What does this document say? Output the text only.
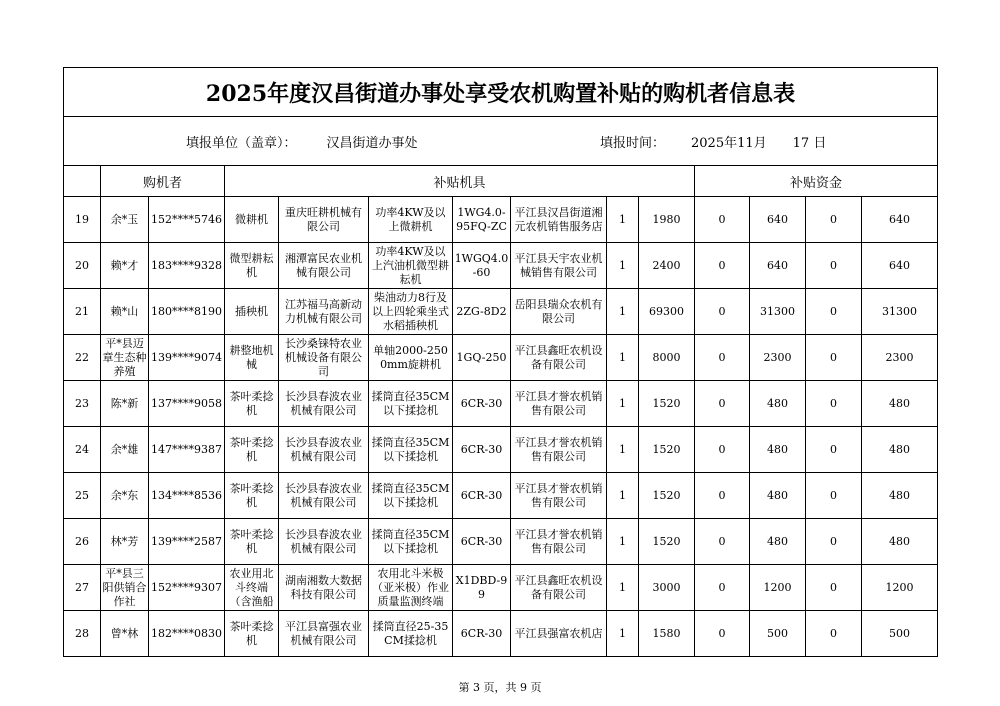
2025年度汉昌街道办事处享受农机购置补贴的购机者信息表													

填报单位（盖章）： 汉昌街道办事处 填报时间： 2025年11月 17 日													

	购机者		补贴机具							补贴资金			
19	余*玉	152****5746	微耕机	重庆旺耕机械有限公司	功率4KW及以上微耕机	1WG4.0-95FQ-ZC	平江县汉昌街道湘元农机销售服务店	1	1980	0	640	0	640
20	赖*才	183****9328	微型耕耘机	湘潭富民农业机械有限公司	功率4KW及以上汽油机微型耕耘机	1WGQ4.0-60	平江县天宇农业机械销售有限公司	1	2400	0	640	0	640
21	赖*山	180****8190	插秧机	江苏福马高新动力机械有限公司	柴油动力8行及以上四轮乘坐式水稻插秧机	2ZG-8D2	岳阳县瑞众农机有限公司	1	69300	0	31300	0	31300
22	平*县迈章生态种养殖	139****9074	耕整地机械	长沙桑铼特农业机械设备有限公司	单轴2000-2500mm旋耕机	1GQ-250	平江县鑫旺农机设备有限公司	1	8000	0	2300	0	2300
23	陈*新	137****9058	茶叶柔捻机	长沙县春波农业机械有限公司	揉筒直径35CM以下揉捻机	6CR-30	平江县才誉农机销售有限公司	1	1520	0	480	0	480
24	余*雄	147****9387	茶叶柔捻机	长沙县春波农业机械有限公司	揉筒直径35CM以下揉捻机	6CR-30	平江县才誉农机销售有限公司	1	1520	0	480	0	480
25	余*东	134****8536	茶叶柔捻机	长沙县春波农业机械有限公司	揉筒直径35CM以下揉捻机	6CR-30	平江县才誉农机销售有限公司	1	1520	0	480	0	480
26	林*芳	139****2587	茶叶柔捻机	长沙县春波农业机械有限公司	揉筒直径35CM以下揉捻机	6CR-30	平江县才誉农机销售有限公司	1	1520	0	480	0	480
27	平*县三阳供销合作社	152****9307	农业用北斗终端（含渔船	湖南湘数大数据科技有限公司	农用北斗米极（亚米极）作业质量监测终端	X1DBD-99	平江县鑫旺农机设备有限公司	1	3000	0	1200	0	1200
28	曾*林	182****0830	茶叶柔捻机	平江县富强农业机械有限公司	揉筒直径25-35CM揉捻机	6CR-30	平江县强富农机店	1	1580	0	500	0	500
第 3 页，共 9 页
